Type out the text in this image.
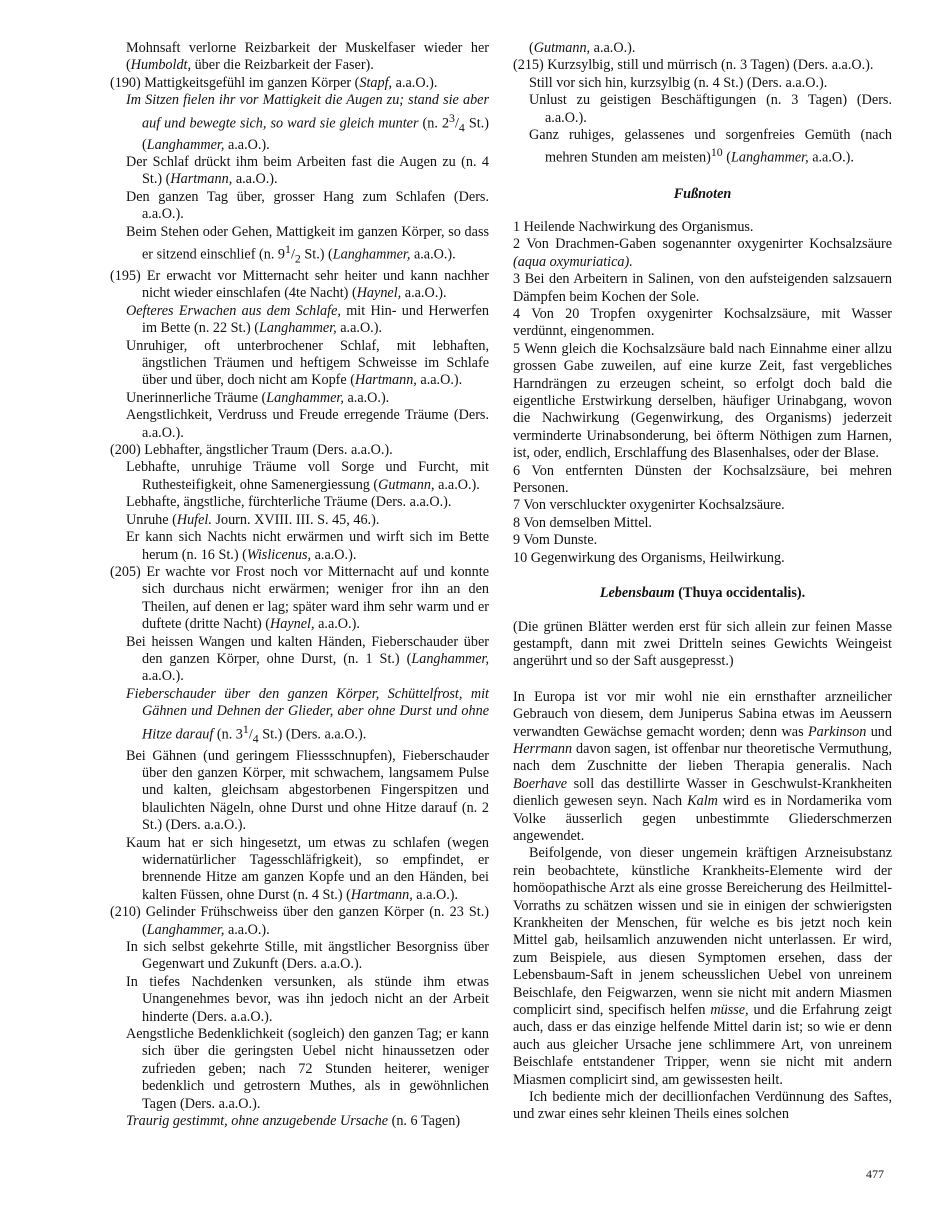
Mohnsaft verlorne Reizbarkeit der Muskelfaser wieder her (Humboldt, über die Reizbarkeit der Faser).

(190) Mattigkeitsgefühl im ganzen Körper (Stapf, a.a.O.).

Im Sitzen fielen ihr vor Mattigkeit die Augen zu; stand sie aber auf und bewegte sich, so ward sie gleich munter (n. $2^3/_4$ St.) (Langhammer, a.a.O.).

Der Schlaf drückt ihm beim Arbeiten fast die Augen zu (n. 4 St.) (Hartmann, a.a.O.).

Den ganzen Tag über, grosser Hang zum Schlafen (Ders. a.a.O.).

Beim Stehen oder Gehen, Mattigkeit im ganzen Körper, so dass er sitzend einschlief (n. $9^1/_2$ St.) (Langhammer, a.a.O.).

(195) Er erwacht vor Mitternacht sehr heiter und kann nachher nicht wieder einschlafen (4te Nacht) (Haynel, a.a.O.).

Oefteres Erwachen aus dem Schlafe, mit Hin- und Herwerfen im Bette (n. 22 St.) (Langhammer, a.a.O.).

Unruhiger, oft unterbrochener Schlaf, mit lebhaften, ängstlichen Träumen und heftigem Schweisse im Schlafe über und über, doch nicht am Kopfe (Hartmann, a.a.O.).

Unerinnerliche Träume (Langhammer, a.a.O.).

Aengstlichkeit, Verdruss und Freude erregende Träume (Ders. a.a.O.).

(200) Lebhafter, ängstlicher Traum (Ders. a.a.O.).

Lebhafte, unruhige Träume voll Sorge und Furcht, mit Ruthesteifigkeit, ohne Samenergiessung (Gutmann, a.a.O.).

Lebhafte, ängstliche, fürchterliche Träume (Ders. a.a.O.).

Unruhe (Hufel. Journ. XVIII. III. S. 45, 46.).

Er kann sich Nachts nicht erwärmen und wirft sich im Bette herum (n. 16 St.) (Wislicenus, a.a.O.).

(205) Er wachte vor Frost noch vor Mitternacht auf und konnte sich durchaus nicht erwärmen; weniger fror ihn an den Theilen, auf denen er lag; später ward ihm sehr warm und er duftete (dritte Nacht) (Haynel, a.a.O.).

Bei heissen Wangen und kalten Händen, Fieberschauder über den ganzen Körper, ohne Durst, (n. 1 St.) (Langhammer, a.a.O.).

Fieberschauder über den ganzen Körper, Schüttelfrost, mit Gähnen und Dehnen der Glieder, aber ohne Durst und ohne Hitze darauf (n. $3^1/_4$ St.) (Ders. a.a.O.).

Bei Gähnen (und geringem Fliessschnupfen), Fieberschauder über den ganzen Körper, mit schwachem, langsamem Pulse und kalten, gleichsam abgestorbenen Fingerspitzen und blaulichten Nägeln, ohne Durst und ohne Hitze darauf (n. 2 St.) (Ders. a.a.O.).

Kaum hat er sich hingesetzt, um etwas zu schlafen (wegen widernatürlicher Tagesschläfrigkeit), so empfindet, er brennende Hitze am ganzen Kopfe und an den Händen, bei kalten Füssen, ohne Durst (n. 4 St.) (Hartmann, a.a.O.).

(210) Gelinder Frühschweiss über den ganzen Körper (n. 23 St.) (Langhammer, a.a.O.).

In sich selbst gekehrte Stille, mit ängstlicher Besorgniss über Gegenwart und Zukunft (Ders. a.a.O.).

In tiefes Nachdenken versunken, als stünde ihm etwas Unangenehmes bevor, was ihn jedoch nicht an der Arbeit hinderte (Ders. a.a.O.).

Aengstliche Bedenklichkeit (sogleich) den ganzen Tag; er kann sich über die geringsten Uebel nicht hinaussetzen oder zufrieden geben; nach 72 Stunden heiterer, weniger bedenklich und getrostern Muthes, als in gewöhnlichen Tagen (Ders. a.a.O.).

Traurig gestimmt, ohne anzugebende Ursache (n. 6 Tagen)

(Gutmann, a.a.O.).

(215) Kurzsylbig, still und mürrisch (n. 3 Tagen) (Ders. a.a.O.).

Still vor sich hin, kurzsylbig (n. 4 St.) (Ders. a.a.O.).

Unlust zu geistigen Beschäftigungen (n. 3 Tagen) (Ders. a.a.O.).

Ganz ruhiges, gelassenes und sorgenfreies Gemüth (nach mehren Stunden am meisten)$^{10}$ (Langhammer, a.a.O.).

Fußnoten

1 Heilende Nachwirkung des Organismus.

2 Von Drachmen-Gaben sogenannter oxygenirter Kochsalzsäure (aqua oxymuriatica).

3 Bei den Arbeitern in Salinen, von den aufsteigenden salzsauern Dämpfen beim Kochen der Sole.

4 Von 20 Tropfen oxygenirter Kochsalzsäure, mit Wasser verdünnt, eingenommen.

5 Wenn gleich die Kochsalzsäure bald nach Einnahme einer allzu grossen Gabe zuweilen, auf eine kurze Zeit, fast vergebliches Harndrängen zu erzeugen scheint, so erfolgt doch bald die eigentliche Erstwirkung derselben, häufiger Urinabgang, wovon die Nachwirkung (Gegenwirkung, des Organisms) jederzeit verminderte Urinabsonderung, bei öfterm Nöthigen zum Harnen, ist, oder, endlich, Erschlaffung des Blasenhalses, oder der Blase.

6 Von entfernten Dünsten der Kochsalzsäure, bei mehren Personen.

7 Von verschluckter oxygenirter Kochsalzsäure.

8 Von demselben Mittel.

9 Vom Dunste.

10 Gegenwirkung des Organisms, Heilwirkung.

Lebensbaum (Thuya occidentalis).

(Die grünen Blätter werden erst für sich allein zur feinen Masse gestampft, dann mit zwei Dritteln seines Gewichts Weingeist angerührt und so der Saft ausgepresst.)

In Europa ist vor mir wohl nie ein ernsthafter arzneilicher Gebrauch von diesem, dem Juniperus Sabina etwas im Aeussern verwandten Gewächse gemacht worden; denn was Parkinson und Herrmann davon sagen, ist offenbar nur theoretische Vermuthung, nach dem Zuschnitte der lieben Therapia generalis. Nach Boerhave soll das destillirte Wasser in Geschwulst-Krankheiten dienlich gewesen seyn. Nach Kalm wird es in Nordamerika vom Volke äusserlich gegen unbestimmte Gliederschmerzen angewendet.

Beifolgende, von dieser ungemein kräftigen Arzneisubstanz rein beobachtete, künstliche Krankheits-Elemente wird der homöopathische Arzt als eine grosse Bereicherung des Heilmittel-Vorraths zu schätzen wissen und sie in einigen der schwierigsten Krankheiten der Menschen, für welche es bis jetzt noch kein Mittel gab, heilsamlich anzuwenden nicht unterlassen. Er wird, zum Beispiele, aus diesen Symptomen ersehen, dass der Lebensbaum-Saft in jenem scheusslichen Uebel von unreinem Beischlafe, den Feigwarzen, wenn sie nicht mit andern Miasmen complicirt sind, specifisch helfen müsse, und die Erfahrung zeigt auch, dass er das einzige helfende Mittel darin ist; so wie er denn auch aus gleicher Ursache jene schlimmere Art, von unreinem Beischlafe entstandener Tripper, wenn sie nicht mit andern Miasmen complicirt sind, am gewissesten heilt.

Ich bediente mich der decillionfachen Verdünnung des Saftes, und zwar eines sehr kleinen Theils eines solchen

477
